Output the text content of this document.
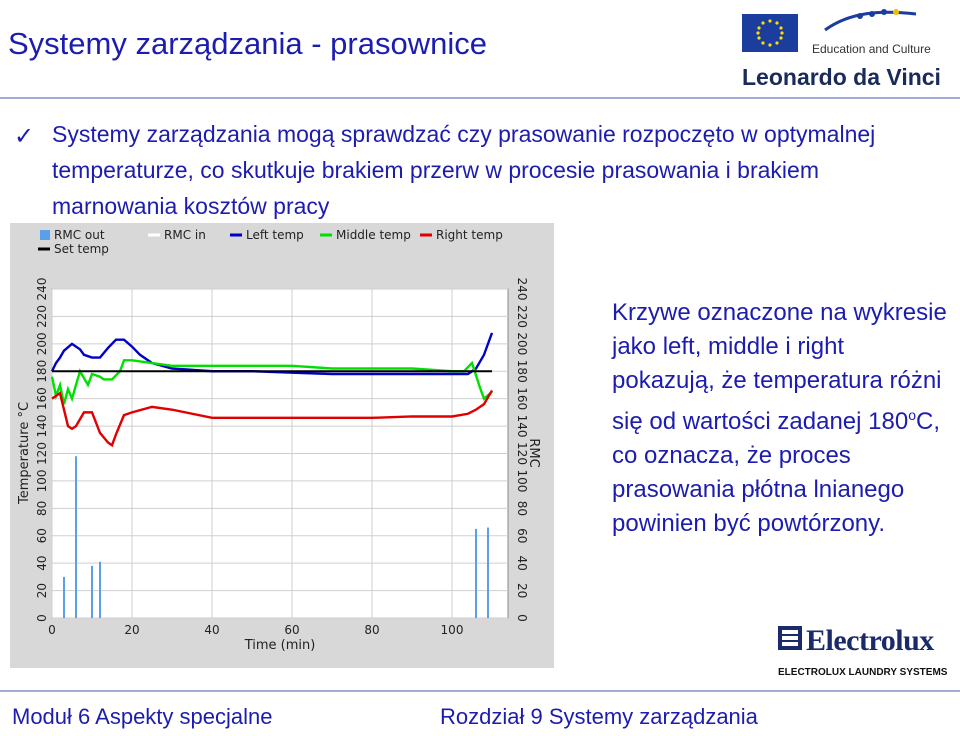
Systemy zarządzania - prasownice	Education and Culture
Leonardo da Vinci
✓ Systemy zarządzania mogą sprawdzać czy prasowanie rozpoczęto w optymalnej temperaturze, co skutkuje brakiem przerw w procesie prasowania i brakiem marnowania kosztów pracy
RMC out	RMC in	Left temp	Middle temp Right temp
Set temp
0	0
20	20
40	40
60	60
80	80
100	100
120	120
140	140
160	160
180	180
200	200
220	220
240	240
0	20	40	60	80	100
Time (min)
Temperature °C	RMC
Krzywe oznaczone na wykresie jako left, middle i right pokazują, że temperatura różni się od wartości zadanej 180$^o$C, co oznacza, że proces prasowania płótna lnianego powinien być powtórzony.
Electrolux
ELECTROLUX LAUNDRY SYSTEMS
Moduł 6 Aspekty specjalne	Rozdział 9 Systemy zarządzania
